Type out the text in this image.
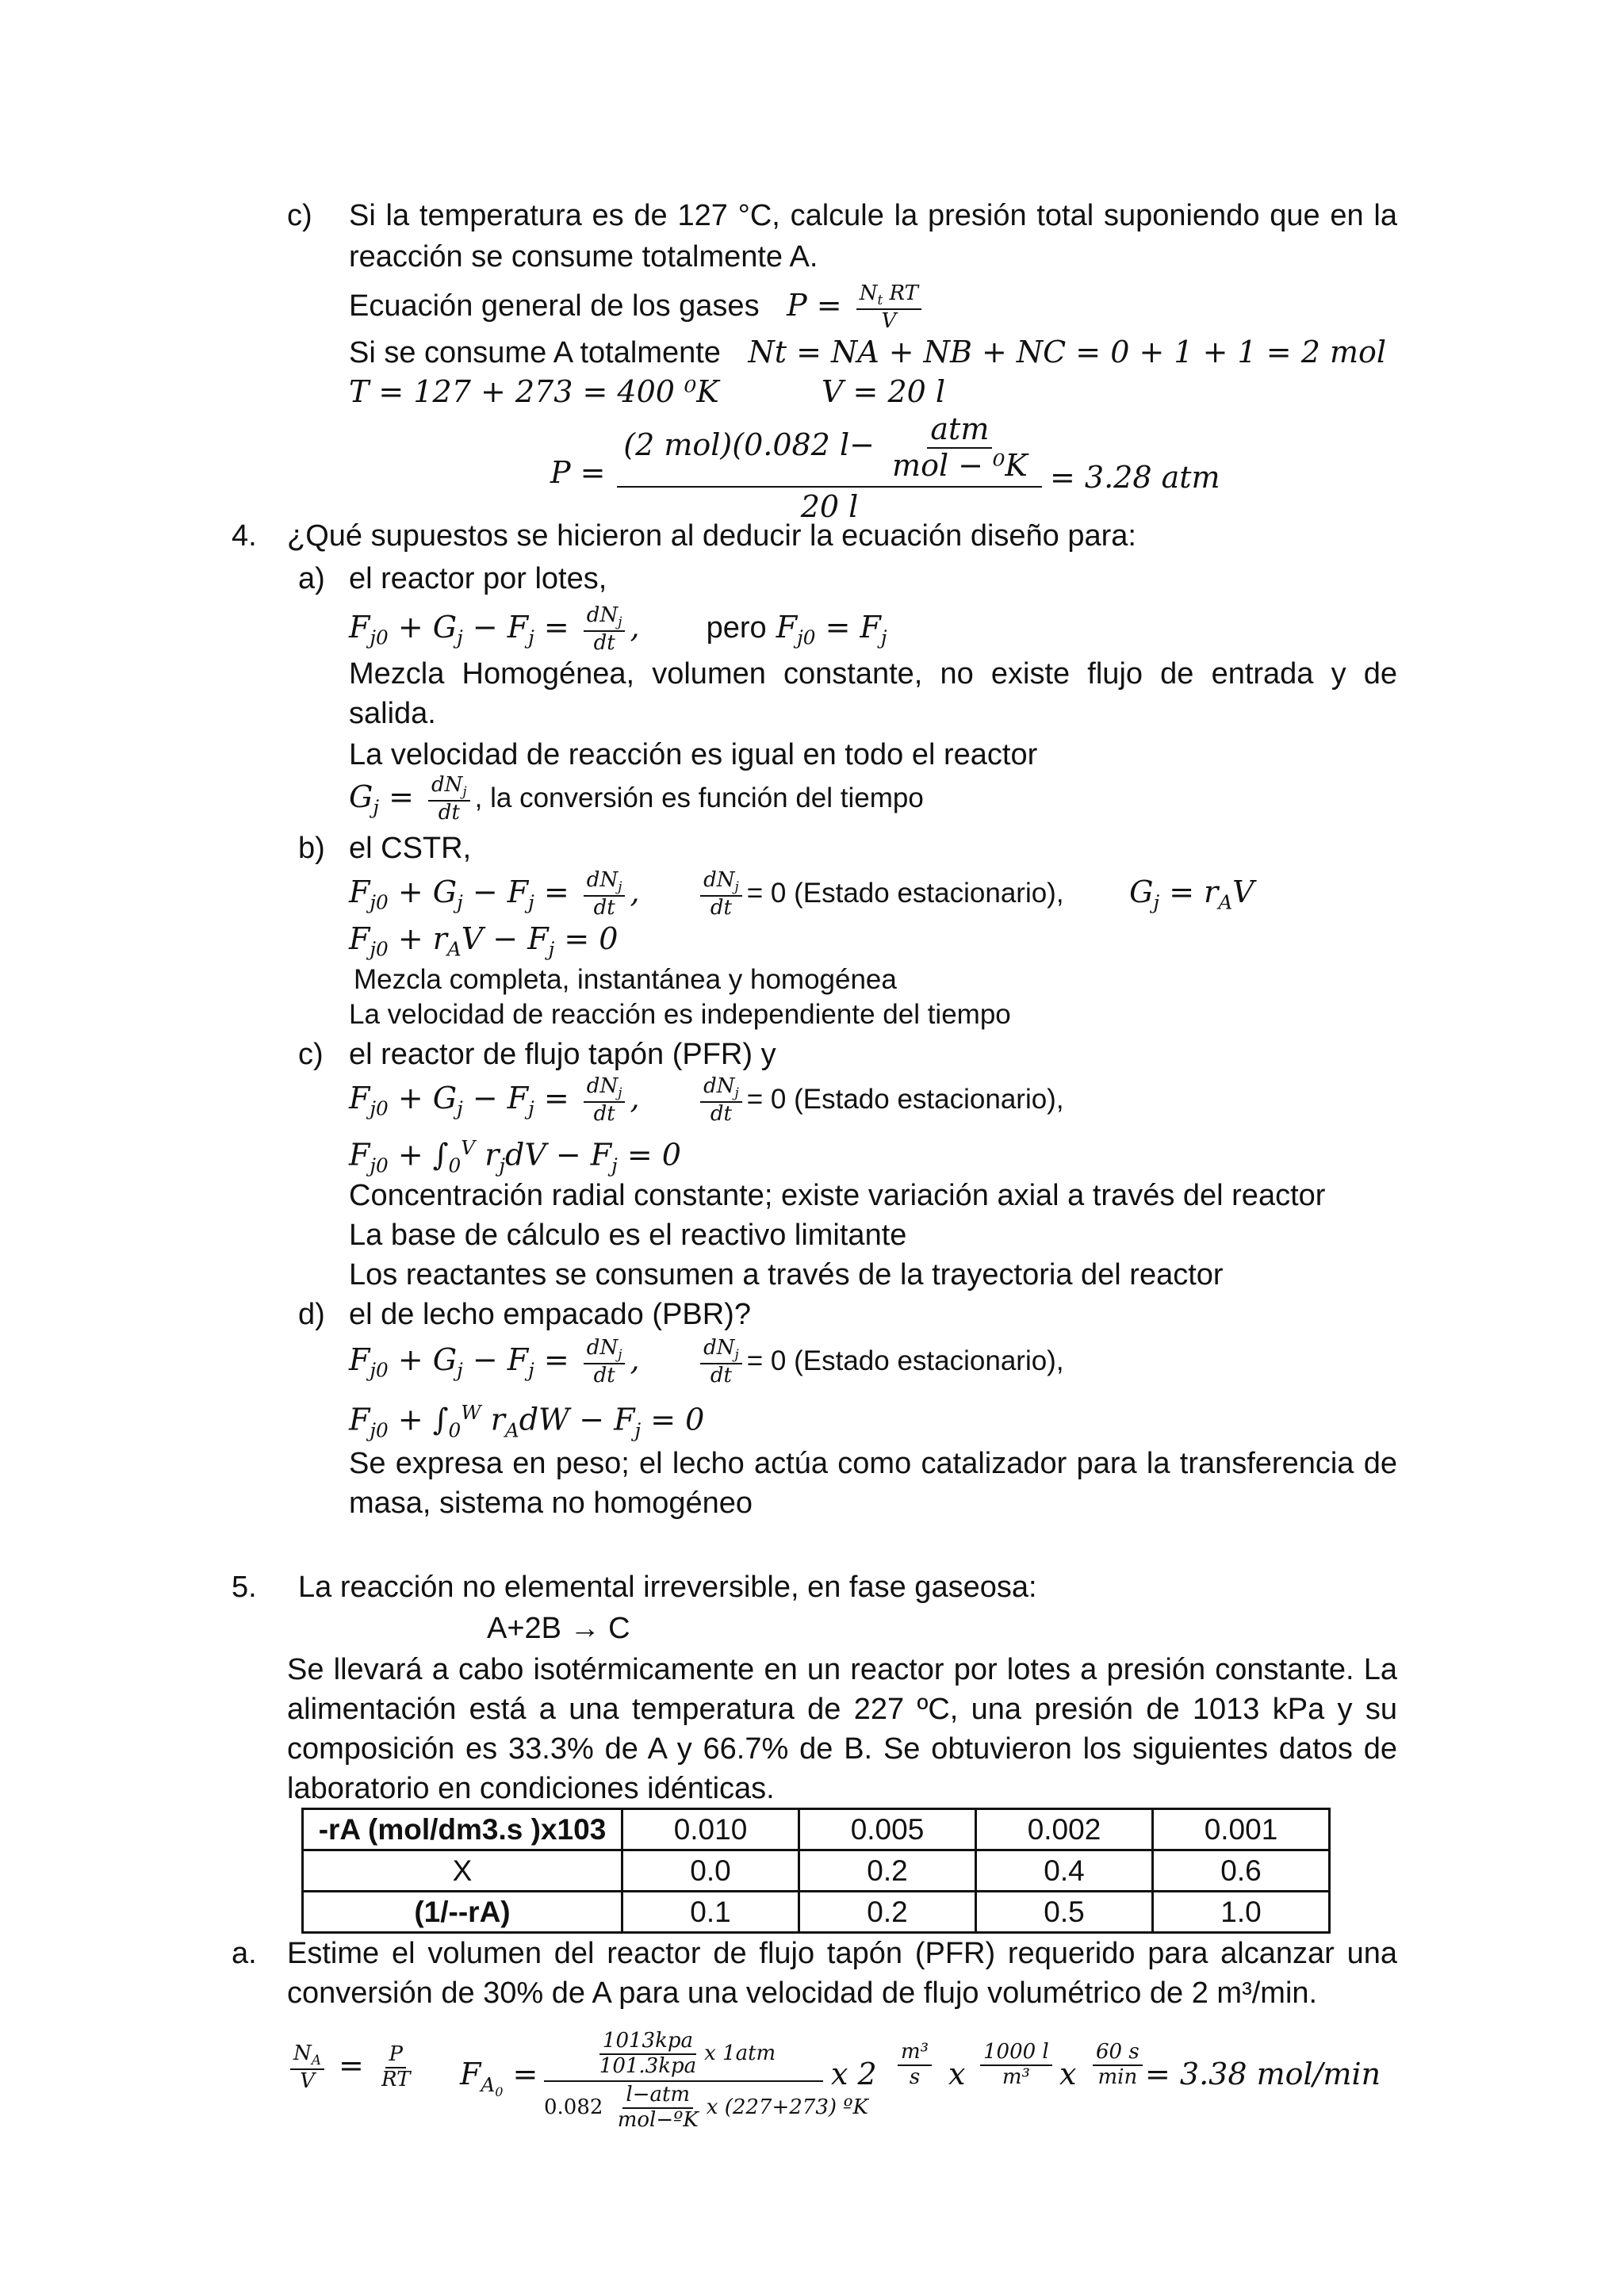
c) Si la temperatura es de 127 °C, calcule la presión total suponiendo que en la
reacción se consume totalmente A.
Ecuación general de los gases $P = \frac{N_t RT}{V}$
Si se consume A totalmente Nt = NA + NB + NC = 0 + 1 + 1 = 2 mol
T = 127 + 273 = 400 ⁰K	V = 20 l
P =
(2 mol)(0.082 $l- \frac{\text{atm}}{\text{mol − ⁰K}}$
20 l
= 3.28 atm
4. ¿Qué supuestos se hicieron al deducir la ecuación diseño para:
a) el reactor por lotes,
$F_{j0} + G_j - F_j = \frac{dN_j}{dt}$ , pero $F_{j0} = F_j$
Mezcla Homogénea, volumen constante, no existe flujo de entrada y de
salida.
La velocidad de reacción es igual en todo el reactor
$G_j = \frac{dN_j}{dt}$ , la conversión es función del tiempo
b) el CSTR,
$F_{j0} + G_j - F_j = \frac{dN_j}{dt}$ ,	$\frac{dN_j}{dt} = 0$ (Estado estacionario), $G_j = r_AV$
$F_{j0} + r_AV - F_j = 0$
Mezcla completa, instantánea y homogénea
La velocidad de reacción es independiente del tiempo
c) el reactor de flujo tapón (PFR) y
$F_{j0} + G_j - F_j = \frac{dN_j}{dt}$ ,	$\frac{dN_j}{dt} = 0$ (Estado estacionario),
$F_{j0} + \int_0^V$ $r_jdV - F_j = 0$
Concentración radial constante; existe variación axial a través del reactor
La base de cálculo es el reactivo limitante
Los reactantes se consumen a través de la trayectoria del reactor
d) el de lecho empacado (PBR)?
$F_{j0} + G_j - F_j = \frac{dN_j}{dt}$ ,	$\frac{dN_j}{dt} = 0$ (Estado estacionario),
$F_{j0} + \int_0^W$ $r_AdW - F_j = 0$
Se expresa en peso; el lecho actúa como catalizador para la transferencia de
masa, sistema no homogéneo
5. La reacción no elemental irreversible, en fase gaseosa:
A+2B → C
Se llevará a cabo isotérmicamente en un reactor por lotes a presión constante. La
alimentación está a una temperatura de 227 ºC, una presión de 1013 kPa y su
composición es 33.3% de A y 66.7% de B. Se obtuvieron los siguientes datos de
laboratorio en condiciones idénticas.
-rA (mol/dm3.s )x103	0.010	0.005	0.002	0.001
X	0.0	0.2	0.4	0.6
(1/--rA)	0.1	0.2	0.5	1.0
a. Estime el volumen del reactor de flujo tapón (PFR) requerido para alcanzar una
conversión de 30% de A para una velocidad de flujo volumétrico de 2 m³/min.
$\frac{N_A}{V} = \frac{P}{RT} F_{A_0}$ =	$\frac{\text{1013kpa}}{\text{101.3kpa}}$ x 1atm
$0.082 \frac{\text{l−atm}}{\text{mol−ºK}}$ x (227+273) ºK
x $2 \frac{\text{m³}}{s}$ x $\frac{1000 l}{\text{m³}}$ x $\frac{60 s}{\min} = 3.38$ mol/min
